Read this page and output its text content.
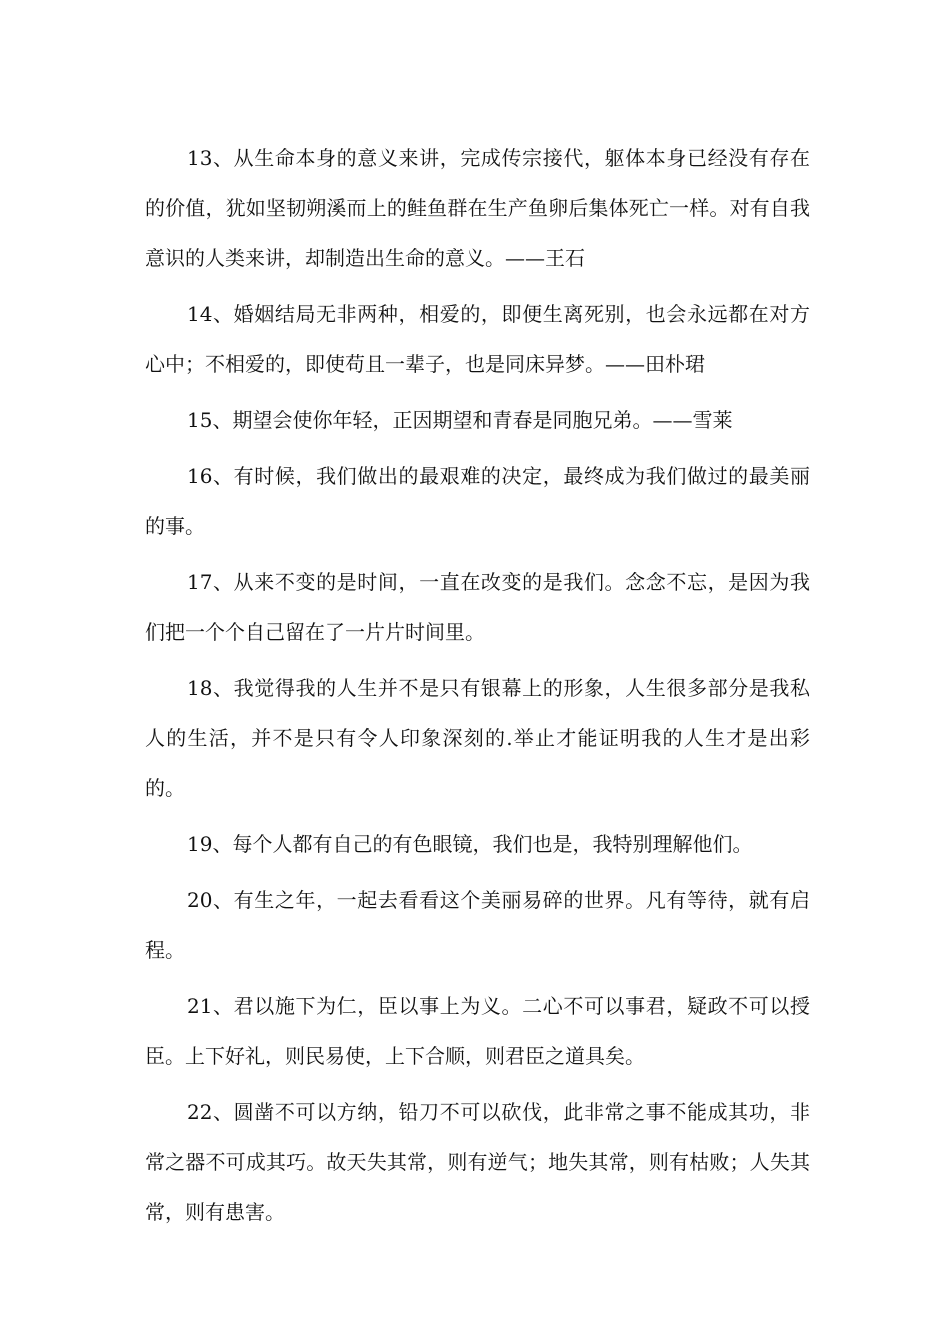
13、从生命本身的意义来讲，完成传宗接代，躯体本身已经没有存在的价值，犹如坚韧朔溪而上的鲑鱼群在生产鱼卵后集体死亡一样。对有自我意识的人类来讲，却制造出生命的意义。——王石

14、婚姻结局无非两种，相爱的，即便生离死别，也会永远都在对方心中；不相爱的，即使苟且一辈子，也是同床异梦。——田朴珺

15、期望会使你年轻，正因期望和青春是同胞兄弟。——雪莱

16、有时候，我们做出的最艰难的决定，最终成为我们做过的最美丽的事。

17、从来不变的是时间，一直在改变的是我们。念念不忘，是因为我们把一个个自己留在了一片片时间里。

18、我觉得我的人生并不是只有银幕上的形象，人生很多部分是我私人的生活，并不是只有令人印象深刻的.举止才能证明我的人生才是出彩的。

19、每个人都有自己的有色眼镜，我们也是，我特别理解他们。

20、有生之年，一起去看看这个美丽易碎的世界。凡有等待，就有启程。

21、君以施下为仁，臣以事上为义。二心不可以事君，疑政不可以授臣。上下好礼，则民易使，上下合顺，则君臣之道具矣。

22、圆凿不可以方纳，铅刀不可以砍伐，此非常之事不能成其功，非常之器不可成其巧。故天失其常，则有逆气；地失其常，则有枯败；人失其常，则有患害。
